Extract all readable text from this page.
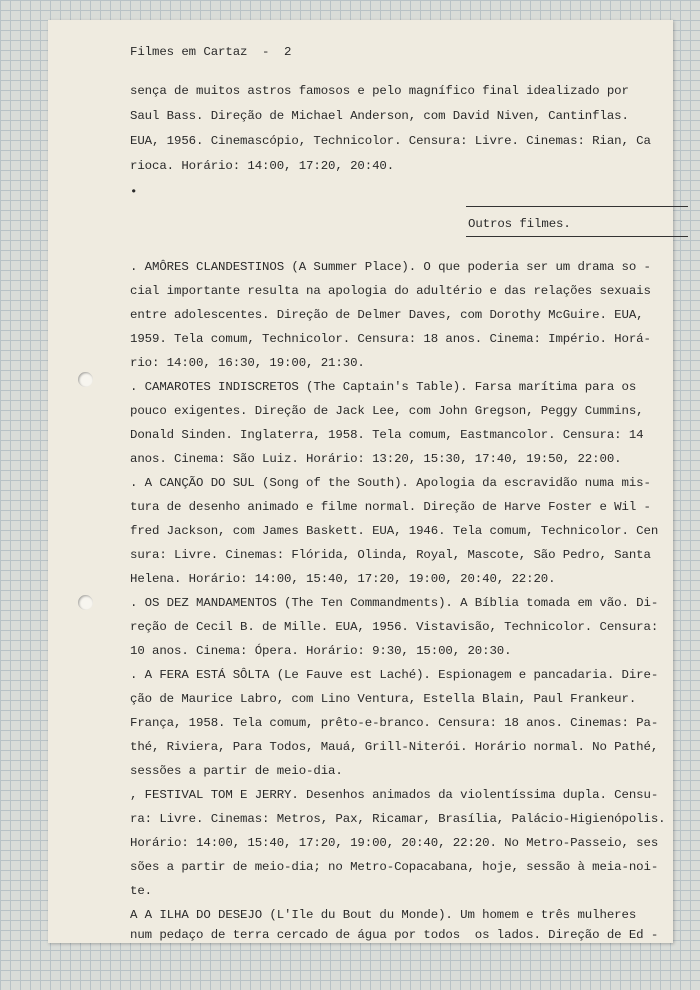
Filmes em Cartaz  -  2
sença de muitos astros famosos e pelo magnífico final idealizado por
Saul Bass. Direção de Michael Anderson, com David Niven, Cantinflas.
EUA, 1956. Cinemascópio, Technicolor. Censura: Livre. Cinemas: Rian, Ca
rioca. Horário: 14:00, 17:20, 20:40.
•
Outros filmes.
. AMÔRES CLANDESTINOS (A Summer Place). O que poderia ser um drama so -
cial importante resulta na apologia do adultério e das relações sexuais
entre adolescentes. Direção de Delmer Daves, com Dorothy McGuire. EUA,
1959. Tela comum, Technicolor. Censura: 18 anos. Cinema: Império. Horá-
rio: 14:00, 16:30, 19:00, 21:30.
. CAMAROTES INDISCRETOS (The Captain's Table). Farsa marítima para os
pouco exigentes. Direção de Jack Lee, com John Gregson, Peggy Cummins,
Donald Sinden. Inglaterra, 1958. Tela comum, Eastmancolor. Censura: 14
anos. Cinema: São Luiz. Horário: 13:20, 15:30, 17:40, 19:50, 22:00.
. A CANÇÃO DO SUL (Song of the South). Apologia da escravidão numa mis-
tura de desenho animado e filme normal. Direção de Harve Foster e Wil -
fred Jackson, com James Baskett. EUA, 1946. Tela comum, Technicolor. Cen
sura: Livre. Cinemas: Flórida, Olinda, Royal, Mascote, São Pedro, Santa
Helena. Horário: 14:00, 15:40, 17:20, 19:00, 20:40, 22:20.
. OS DEZ MANDAMENTOS (The Ten Commandments). A Bíblia tomada em vão. Di-
reção de Cecil B. de Mille. EUA, 1956. Vistavisão, Technicolor. Censura:
10 anos. Cinema: Ópera. Horário: 9:30, 15:00, 20:30.
. A FERA ESTÁ SÔLTA (Le Fauve est Laché). Espionagem e pancadaria. Dire-
ção de Maurice Labro, com Lino Ventura, Estella Blain, Paul Frankeur.
França, 1958. Tela comum, prêto-e-branco. Censura: 18 anos. Cinemas: Pa-
thé, Riviera, Para Todos, Mauá, Grill-Niterói. Horário normal. No Pathé,
sessões a partir de meio-dia.
, FESTIVAL TOM E JERRY. Desenhos animados da violentíssima dupla. Censu-
ra: Livre. Cinemas: Metros, Pax, Ricamar, Brasília, Palácio-Higienópolis.
Horário: 14:00, 15:40, 17:20, 19:00, 20:40, 22:20. No Metro-Passeio, ses
sões a partir de meio-dia; no Metro-Copacabana, hoje, sessão à meia-noi-
te.
A A ILHA DO DESEJO (L'Ile du Bout du Monde). Um homem e três mulheres
num pedaço de terra cercado de água por todos  os lados. Direção de Ed -
